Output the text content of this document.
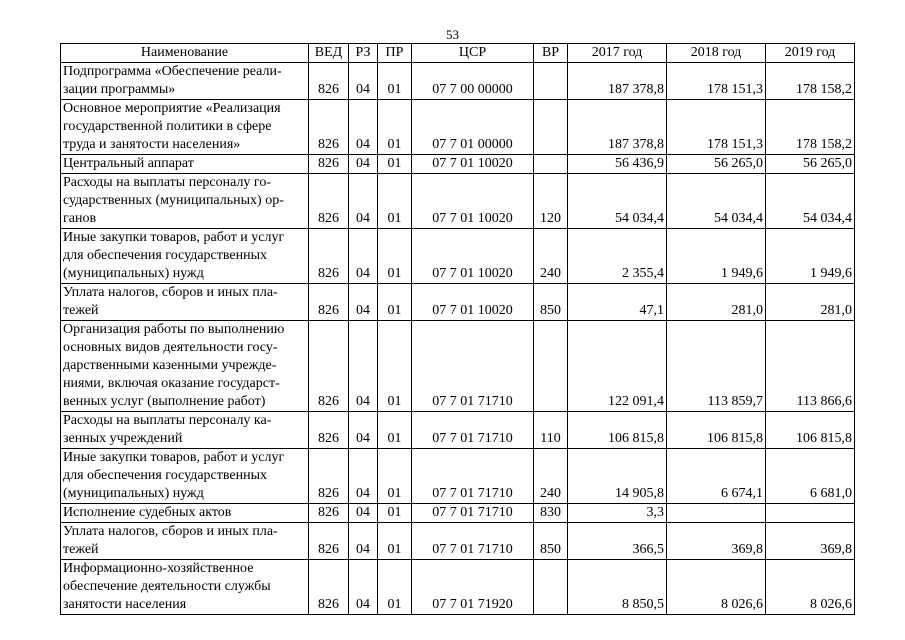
53
Наименование	ВЕД	РЗ	ПР	ЦСР	ВР	2017 год	2018 год	2019 год

Подпрограмма «Обеспечение реали-
зации программы»	826	04	01	07 7 00 00000		187 378,8	178 151,3	178 158,2

Основное мероприятие «Реализация
государственной политики в сфере
труда и занятости населения»	826	04	01	07 7 01 00000		187 378,8	178 151,3	178 158,2

Центральный аппарат	826	04	01	07 7 01 10020		56 436,9	56 265,0	56 265,0

Расходы на выплаты персоналу го-
сударственных (муниципальных) ор-
ганов	826	04	01	07 7 01 10020	120	54 034,4	54 034,4	54 034,4

Иные закупки товаров, работ и услуг
для обеспечения государственных
(муниципальных) нужд	826	04	01	07 7 01 10020	240	2 355,4	1 949,6	1 949,6

Уплата налогов, сборов и иных пла-
тежей	826	04	01	07 7 01 10020	850	47,1	281,0	281,0

Организация работы по выполнению
основных видов деятельности госу-
дарственными казенными учрежде-
ниями, включая оказание государст-
венных услуг (выполнение работ)	826	04	01	07 7 01 71710		122 091,4	113 859,7	113 866,6

Расходы на выплаты персоналу ка-
зенных учреждений	826	04	01	07 7 01 71710	110	106 815,8	106 815,8	106 815,8

Иные закупки товаров, работ и услуг
для обеспечения государственных
(муниципальных) нужд	826	04	01	07 7 01 71710	240	14 905,8	6 674,1	6 681,0

Исполнение судебных актов	826	04	01	07 7 01 71710	830	3,3		

Уплата налогов, сборов и иных пла-
тежей	826	04	01	07 7 01 71710	850	366,5	369,8	369,8

Информационно-хозяйственное
обеспечение деятельности службы
занятости населения	826	04	01	07 7 01 71920		8 850,5	8 026,6	8 026,6
